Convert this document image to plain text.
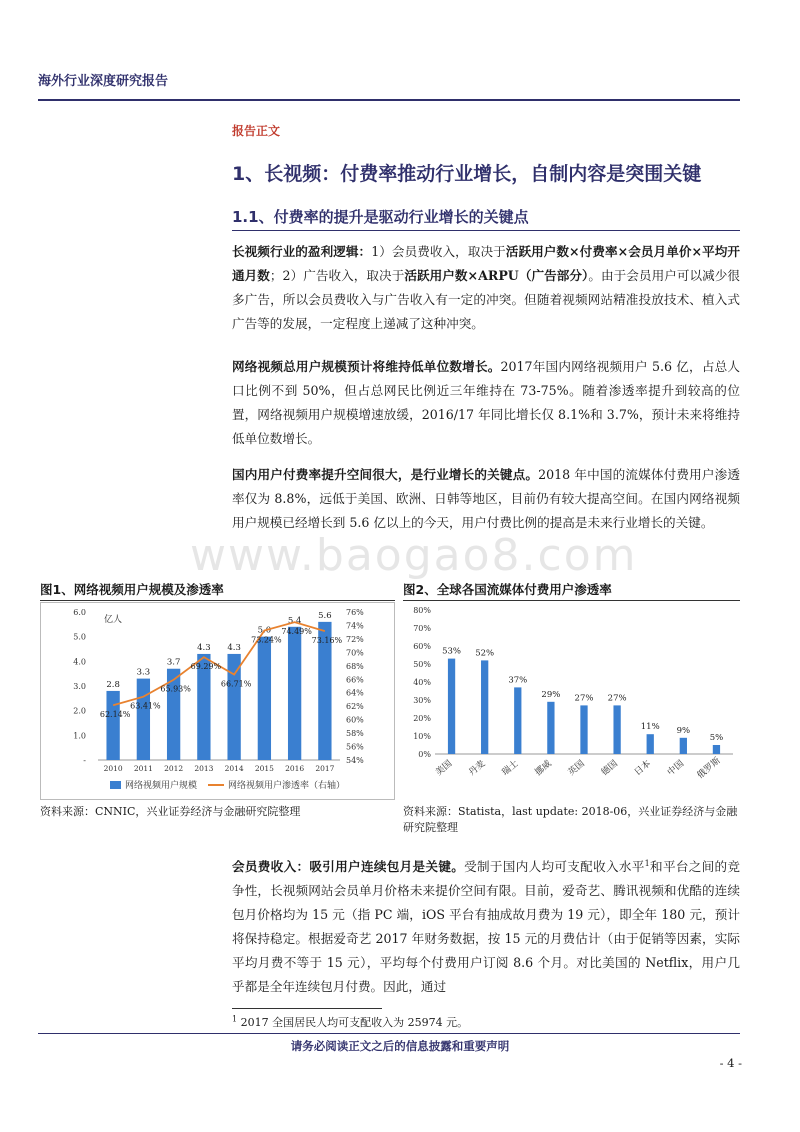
海外行业深度研究报告
www.baogao8.com
报告正文
1、长视频：付费率推动行业增长，自制内容是突围关键
1.1、付费率的提升是驱动行业增长的关键点
长视频行业的盈利逻辑：1）会员费收入，取决于活跃用户数×付费率×会员月单价×平均开通月数；2）广告收入，取决于活跃用户数×ARPU（广告部分）。由于会员用户可以减少很多广告，所以会员费收入与广告收入有一定的冲突。但随着视频网站精准投放技术、植入式广告等的发展，一定程度上递减了这种冲突。
网络视频总用户规模预计将维持低单位数增长。2017年国内网络视频用户 5.6 亿，占总人口比例不到 50%，但占总网民比例近三年维持在 73-75%。随着渗透率提升到较高的位置，网络视频用户规模增速放缓，2016/17 年同比增长仅 8.1%和 3.7%，预计未来将维持低单位数增长。
国内用户付费率提升空间很大，是行业增长的关键点。2018 年中国的流媒体付费用户渗透率仅为 8.8%，远低于美国、欧洲、日韩等地区，目前仍有较大提高空间。在国内网络视频用户规模已经增长到 5.6 亿以上的今天，用户付费比例的提高是未来行业增长的关键。
图1、网络视频用户规模及渗透率	图2、全球各国流媒体付费用户渗透率
-
1.0
2.0
3.0
4.0
5.0
6.0
54%
56%
58%
60%
62%
64%
66%
68%
70%
72%
74%
76%
亿人
2.8
2010
3.3
2011
3.7
2012
4.3
2013
4.3
2014
5.0
2015
5.4
2016
5.6
2017
62.14%
63.41%
65.93%
69.29%
66.71%
73.24%
74.49%
73.16%
网络视频用户规模	网络视频用户渗透率（右轴）
0%
10%
20%
30%
40%
50%
60%
70%
80%
53%
美国
52%
丹麦
37%
瑞士
29%
挪威
27%
英国
27%
德国
11%
日本
9%
中国
5%
俄罗斯
资料来源：CNNIC，兴业证券经济与金融研究院整理	资料来源：Statista，last update: 2018-06，兴业证券经济与金融研究院整理
会员费收入：吸引用户连续包月是关键。受制于国内人均可支配收入水平$^1$和平台之间的竞争性，长视频网站会员单月价格未来提价空间有限。目前，爱奇艺、腾讯视频和优酷的连续包月价格均为 15 元（指 PC 端，iOS 平台有抽成故月费为 19 元），即全年 180 元，预计将保持稳定。根据爱奇艺 2017 年财务数据，按 15 元的月费估计（由于促销等因素，实际平均月费不等于 15 元），平均每个付费用户订阅 8.6 个月。对比美国的 Netflix，用户几乎都是全年连续包月付费。因此，通过
$^1$ 2017 全国居民人均可支配收入为 25974 元。
请务必阅读正文之后的信息披露和重要声明
- 4 -
